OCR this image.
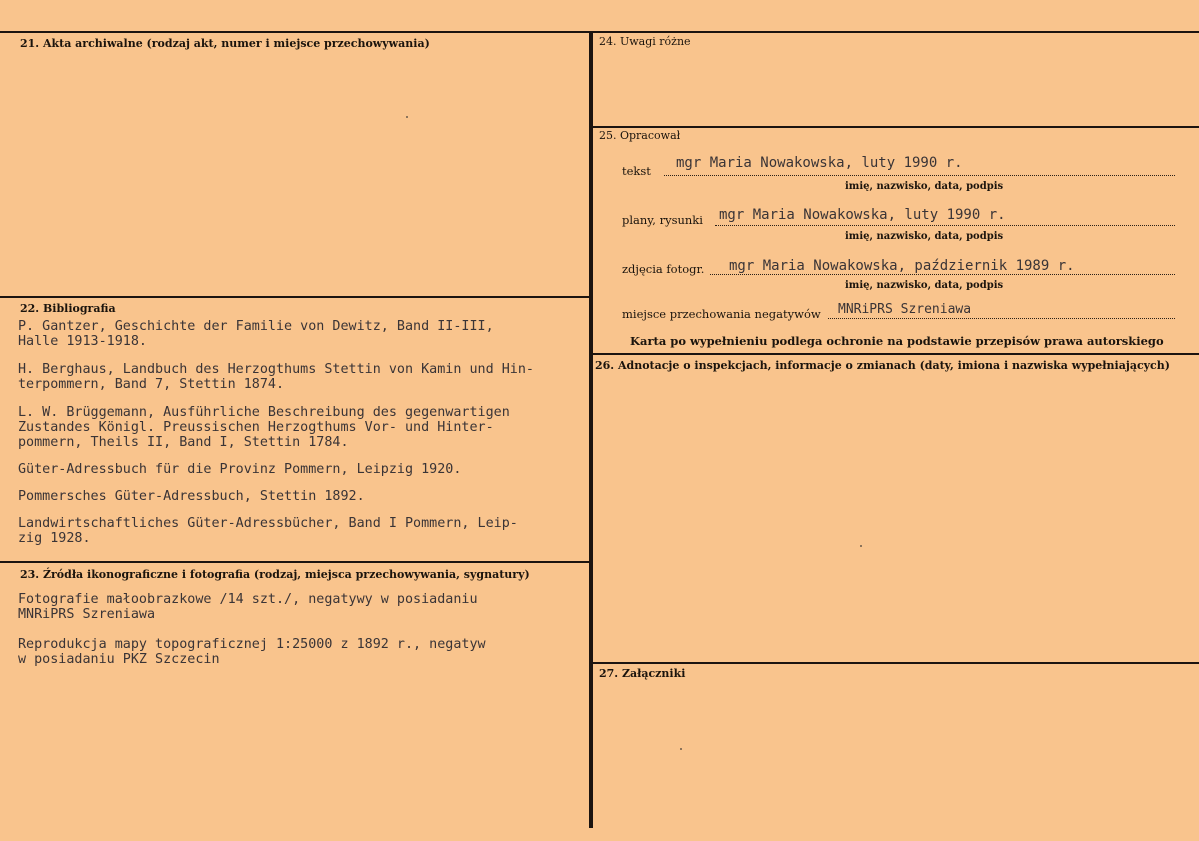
21. Akta archiwalne (rodzaj akt, numer i miejsce przechowywania)
22. Bibliografia
P. Gantzer, Geschichte der Familie von Dewitz, Band II-III,
Halle 1913-1918.
H. Berghaus, Landbuch des Herzogthums Stettin von Kamin und Hin-
terpommern, Band 7, Stettin 1874.
L. W. Brüggemann, Ausführliche Beschreibung des gegenwartigen
Zustandes Königl. Preussischen Herzogthums Vor- und Hinter-
pommern, Theils II, Band I, Stettin 1784.
Güter-Adressbuch für die Provinz Pommern, Leipzig 1920.
Pommersches Güter-Adressbuch, Stettin 1892.
Landwirtschaftliches Güter-Adressbücher, Band I Pommern, Leip-
zig 1928.
23. Źródła ikonograficzne i fotografia (rodzaj, miejsca przechowywania, sygnatury)
Fotografie małoobrazkowe /14 szt./, negatywy w posiadaniu
MNRiPRS Szreniawa
Reprodukcja mapy topograficznej 1:25000 z 1892 r., negatyw
w posiadaniu PKZ Szczecin
24. Uwagi różne
25. Opracował
tekst mgr Maria Nowakowska, luty 1990 r.
imię, nazwisko, data, podpis
plany, rysunki mgr Maria Nowakowska, luty 1990 r.
imię, nazwisko, data, podpis
zdjęcia fotogr. mgr Maria Nowakowska, październik 1989 r.
imię, nazwisko, data, podpis
miejsce przechowania negatywów MNRiPRS Szreniawa
Karta po wypełnieniu podlega ochronie na podstawie przepisów prawa autorskiego
26. Adnotacje o inspekcjach, informacje o zmianach (daty, imiona i nazwiska wypełniających)
27. Załączniki
